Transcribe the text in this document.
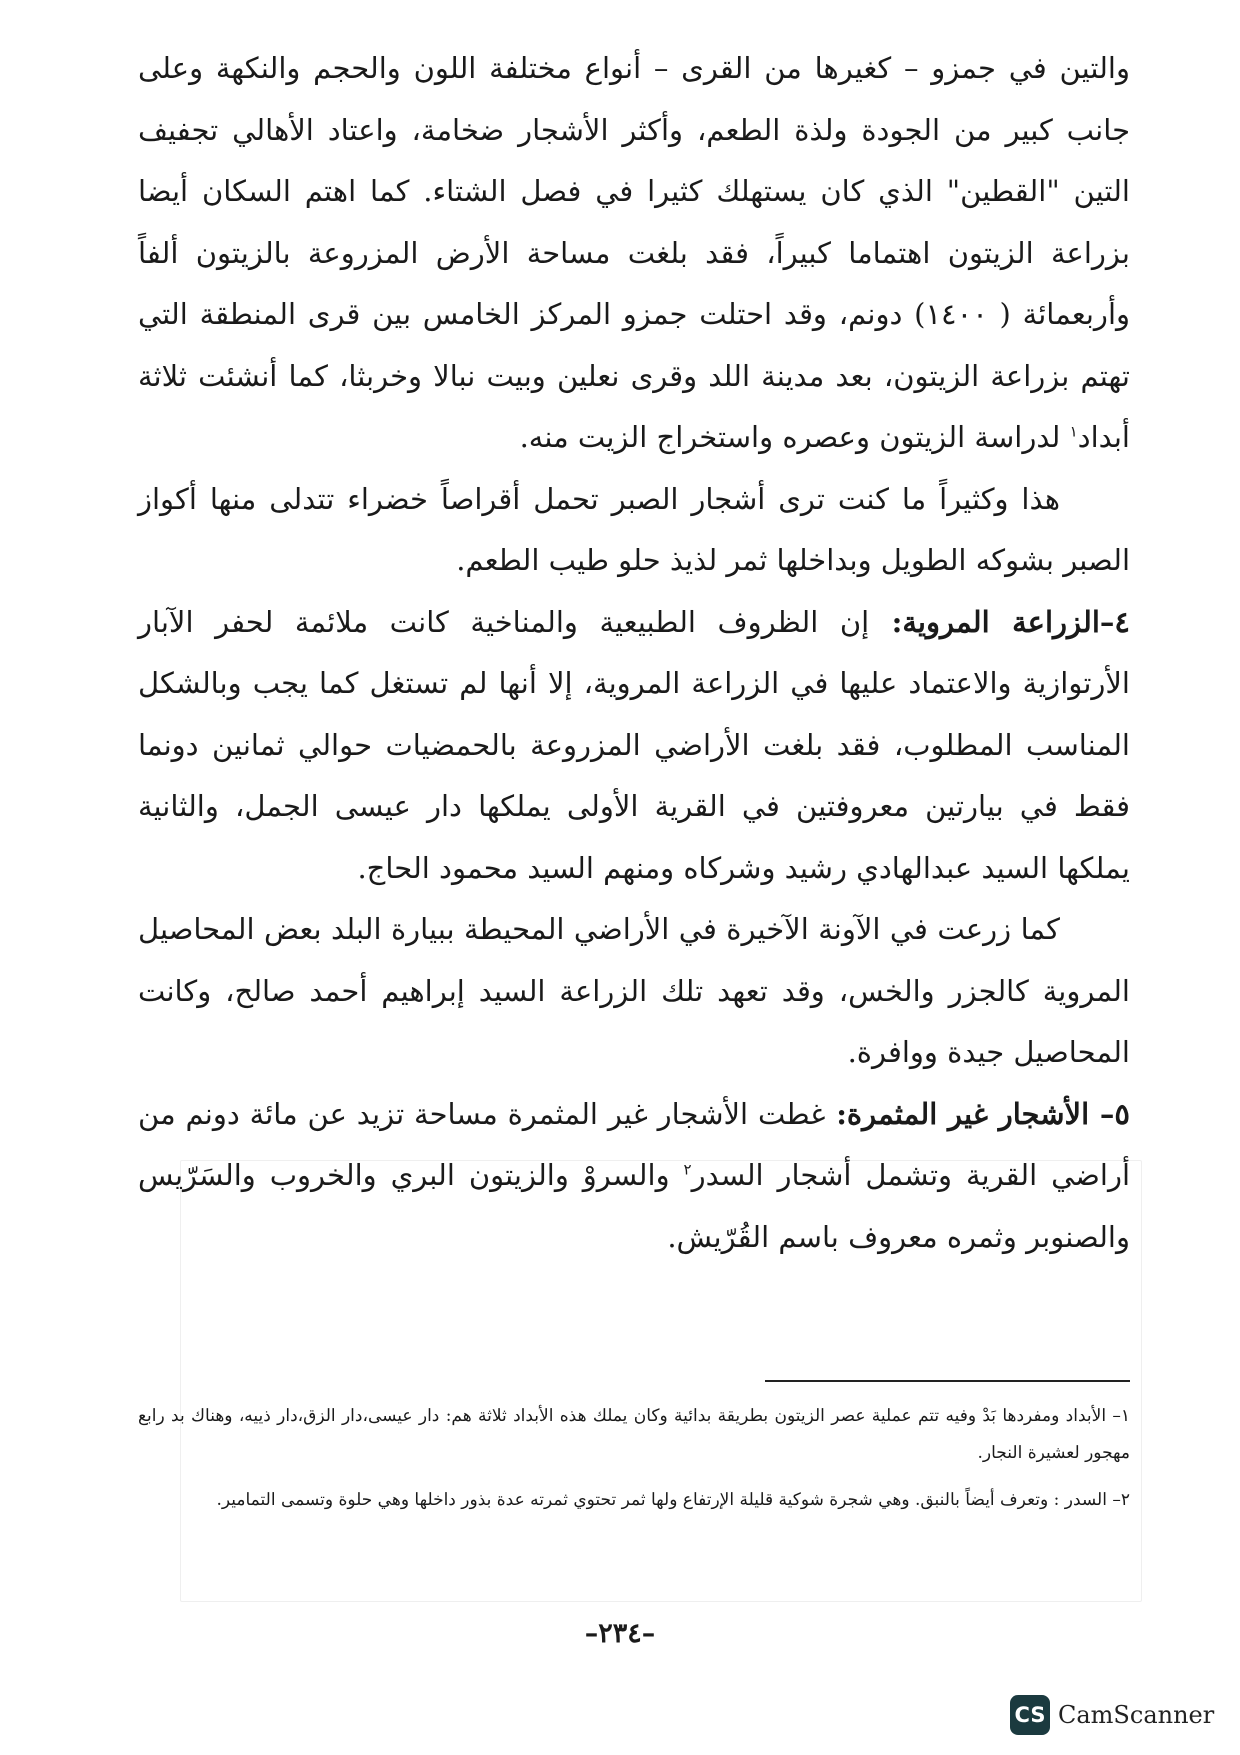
والتين في جمزو – كغيرها من القرى – أنواع مختلفة اللون والحجم والنكهة وعلى جانب كبير من الجودة ولذة الطعم، وأكثر الأشجار ضخامة، واعتاد الأهالي تجفيف التين "القطين" الذي كان يستهلك كثيرا في فصل الشتاء. كما اهتم السكان أيضا بزراعة الزيتون اهتماما كبيراً، فقد بلغت مساحة الأرض المزروعة بالزيتون ألفاً وأربعمائة ( ١٤٠٠) دونم، وقد احتلت جمزو المركز الخامس بين قرى المنطقة التي تهتم بزراعة الزيتون، بعد مدينة اللد وقرى نعلين وبيت نبالا وخربثا، كما أنشئت ثلاثة أبداد$^١$ لدراسة الزيتون وعصره واستخراج الزيت منه.

هذا وكثيراً ما كنت ترى أشجار الصبر تحمل أقراصاً خضراء تتدلى منها أكواز الصبر بشوكه الطويل وبداخلها ثمر لذيذ حلو طيب الطعم.

٤–الزراعة المروية: إن الظروف الطبيعية والمناخية كانت ملائمة لحفر الآبار الأرتوازية والاعتماد عليها في الزراعة المروية، إلا أنها لم تستغل كما يجب وبالشكل المناسب المطلوب، فقد بلغت الأراضي المزروعة بالحمضيات حوالي ثمانين دونما فقط في بيارتين معروفتين في القرية الأولى يملكها دار عيسى الجمل، والثانية يملكها السيد عبدالهادي رشيد وشركاه ومنهم السيد محمود الحاج.

كما زرعت في الآونة الآخيرة في الأراضي المحيطة ببيارة البلد بعض المحاصيل المروية كالجزر والخس، وقد تعهد تلك الزراعة السيد إبراهيم أحمد صالح، وكانت المحاصيل جيدة ووافرة.

٥– الأشجار غير المثمرة: غطت الأشجار غير المثمرة مساحة تزيد عن مائة دونم من أراضي القرية وتشمل أشجار السدر$^٢$ والسروْ والزيتون البري والخروب والسَرّيس والصنوبر وثمره معروف باسم القُرّيش.

١– الأبداد ومفردها بَدْ وفيه تتم عملية عصر الزيتون بطريقة بدائية وكان يملك هذه الأبداد ثلاثة هم: دار عيسى،دار الزق،دار ذييه، وهناك بد رابع مهجور لعشيرة النجار.

٢– السدر : وتعرف أيضاً بالنبق. وهي شجرة شوكية قليلة الإرتفاع ولها ثمر تحتوي ثمرته عدة بذور داخلها وهي حلوة وتسمى التمامير.

–٢٣٤–
CS CamScanner
